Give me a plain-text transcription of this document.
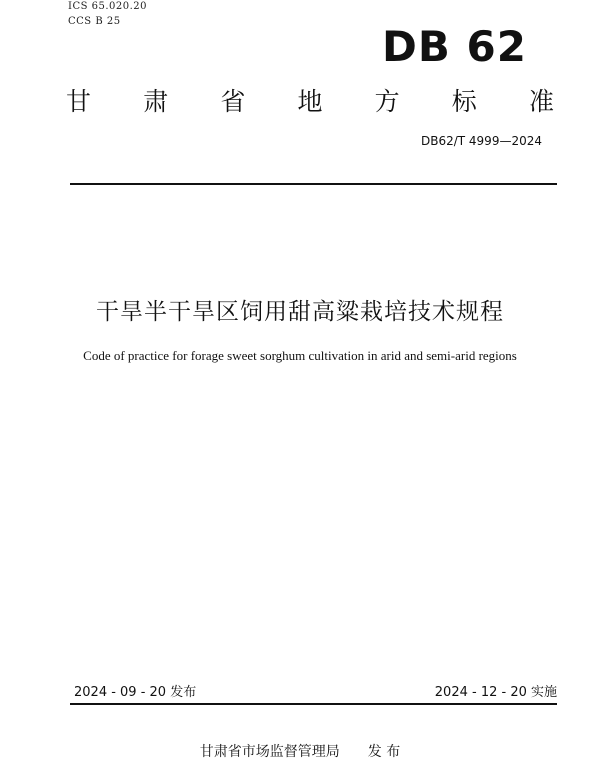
ICS 65.020.20
CCS B 25
DB 62
甘 肃 省 地 方 标 准
DB62/T 4999—2024
干旱半干旱区饲用甜高粱栽培技术规程
Code of practice for forage sweet sorghum cultivation in arid and semi-arid regions
2024 - 09 - 20 发布	2024 - 12 - 20 实施
甘肃省市场监督管理局　　发 布
